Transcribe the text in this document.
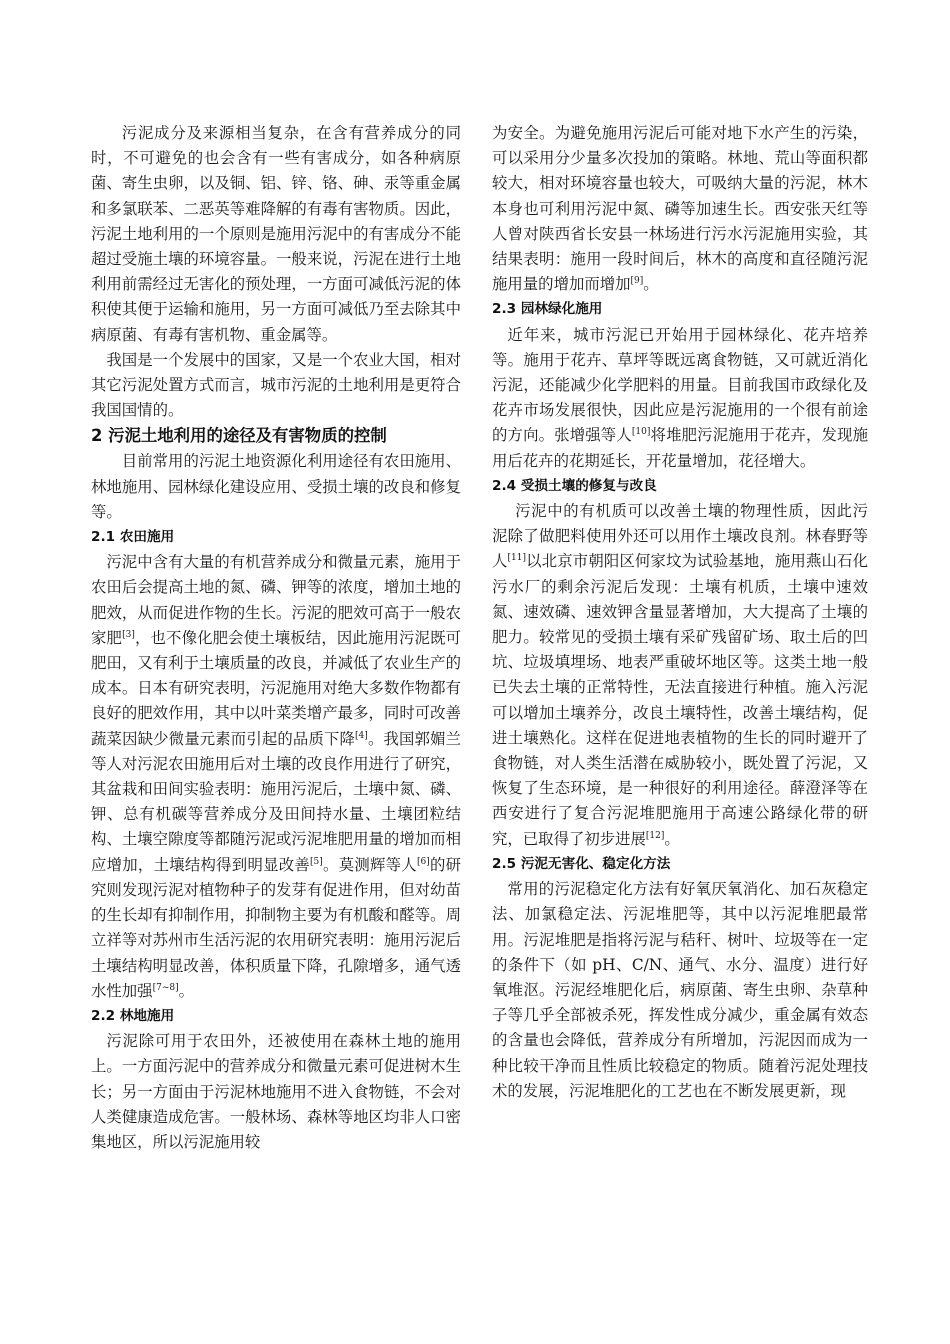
污泥成分及来源相当复杂，在含有营养成分的同时，不可避免的也会含有一些有害成分，如各种病原菌、寄生虫卵，以及铜、铝、锌、铬、砷、汞等重金属和多氯联苯、二恶英等难降解的有毒有害物质。因此，污泥土地利用的一个原则是施用污泥中的有害成分不能超过受施土壤的环境容量。一般来说，污泥在进行土地利用前需经过无害化的预处理，一方面可减低污泥的体积使其便于运输和施用，另一方面可减低乃至去除其中病原菌、有毒有害机物、重金属等。

我国是一个发展中的国家，又是一个农业大国，相对其它污泥处置方式而言，城市污泥的土地利用是更符合我国国情的。

2 污泥土地利用的途径及有害物质的控制

目前常用的污泥土地资源化利用途径有农田施用、林地施用、园林绿化建设应用、受损土壤的改良和修复等。

2.1 农田施用

污泥中含有大量的有机营养成分和微量元素，施用于农田后会提高土地的氮、磷、钾等的浓度，增加土地的肥效，从而促进作物的生长。污泥的肥效可高于一般农家肥[3]，也不像化肥会使土壤板结，因此施用污泥既可肥田，又有利于土壤质量的改良，并减低了农业生产的成本。日本有研究表明，污泥施用对绝大多数作物都有良好的肥效作用，其中以叶菜类增产最多，同时可改善蔬菜因缺少微量元素而引起的品质下降[4]。我国郭媚兰等人对污泥农田施用后对土壤的改良作用进行了研究，其盆栽和田间实验表明：施用污泥后，土壤中氮、磷、钾、总有机碳等营养成分及田间持水量、土壤团粒结构、土壤空隙度等都随污泥或污泥堆肥用量的增加而相应增加，土壤结构得到明显改善[5]。莫测辉等人[6]的研究则发现污泥对植物种子的发芽有促进作用，但对幼苗的生长却有抑制作用，抑制物主要为有机酸和醛等。周立祥等对苏州市生活污泥的农用研究表明：施用污泥后土壤结构明显改善，体积质量下降，孔隙增多，通气透水性加强[7~8]。

2.2 林地施用

污泥除可用于农田外，还被使用在森林土地的施用上。一方面污泥中的营养成分和微量元素可促进树木生长；另一方面由于污泥林地施用不进入食物链，不会对人类健康造成危害。一般林场、森林等地区均非人口密集地区，所以污泥施用较

为安全。为避免施用污泥后可能对地下水产生的污染，可以采用分少量多次投加的策略。林地、荒山等面积都较大，相对环境容量也较大，可吸纳大量的污泥，林木本身也可利用污泥中氮、磷等加速生长。西安张天红等人曾对陕西省长安县一林场进行污水污泥施用实验，其结果表明：施用一段时间后，林木的高度和直径随污泥施用量的增加而增加[9]。

2.3 园林绿化施用

近年来，城市污泥已开始用于园林绿化、花卉培养等。施用于花卉、草坪等既远离食物链，又可就近消化污泥，还能减少化学肥料的用量。目前我国市政绿化及花卉市场发展很快，因此应是污泥施用的一个很有前途的方向。张增强等人[10]将堆肥污泥施用于花卉，发现施用后花卉的花期延长，开花量增加，花径增大。

2.4 受损土壤的修复与改良

污泥中的有机质可以改善土壤的物理性质，因此污泥除了做肥料使用外还可以用作土壤改良剂。林春野等人[11]以北京市朝阳区何家坟为试验基地，施用燕山石化污水厂的剩余污泥后发现：土壤有机质，土壤中速效氮、速效磷、速效钾含量显著增加，大大提高了土壤的肥力。较常见的受损土壤有采矿残留矿场、取土后的凹坑、垃圾填埋场、地表严重破坏地区等。这类土地一般已失去土壤的正常特性，无法直接进行种植。施入污泥可以增加土壤养分，改良土壤特性，改善土壤结构，促进土壤熟化。这样在促进地表植物的生长的同时避开了食物链，对人类生活潜在威胁较小，既处置了污泥，又恢复了生态环境，是一种很好的利用途径。薛澄泽等在西安进行了复合污泥堆肥施用于高速公路绿化带的研究，已取得了初步进展[12]。

2.5 污泥无害化、稳定化方法

常用的污泥稳定化方法有好氧厌氧消化、加石灰稳定法、加氯稳定法、污泥堆肥等，其中以污泥堆肥最常用。污泥堆肥是指将污泥与秸秆、树叶、垃圾等在一定的条件下（如 pH、C/N、通气、水分、温度）进行好氧堆沤。污泥经堆肥化后，病原菌、寄生虫卵、杂草种子等几乎全部被杀死，挥发性成分减少，重金属有效态的含量也会降低，营养成分有所增加，污泥因而成为一种比较干净而且性质比较稳定的物质。随着污泥处理技术的发展，污泥堆肥化的工艺也在不断发展更新，现
